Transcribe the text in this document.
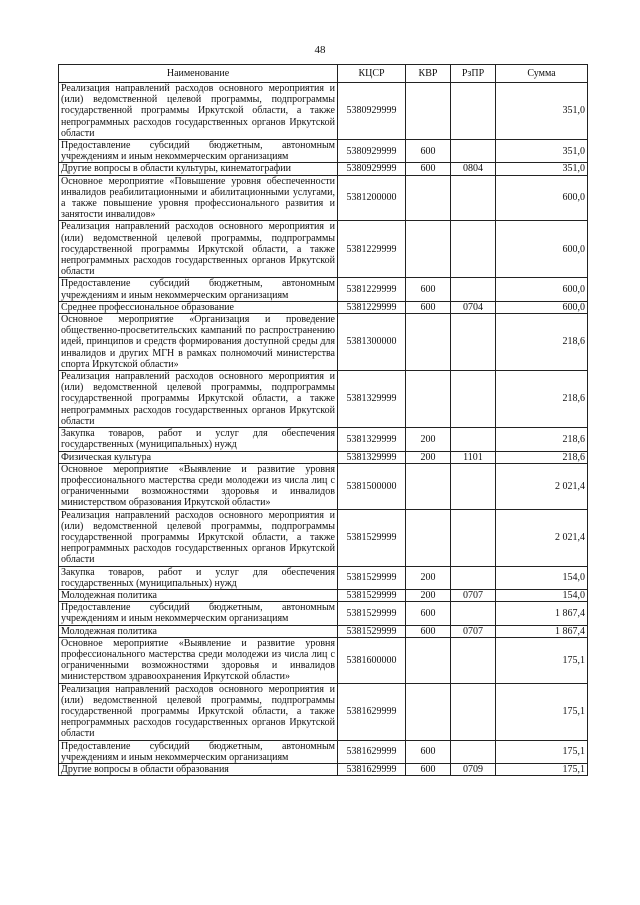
48
Наименование	КЦСР	КВР	РзПР	Сумма
Реализация направлений расходов основного мероприятия и (или) ведомственной целевой программы, подпрограммы государственной программы Иркутской области, а также непрограммных расходов государственных органов Иркутской области	5380929999			351,0
Предоставление субсидий бюджетным, автономным учреждениям и иным некоммерческим организациям	5380929999	600		351,0
Другие вопросы в области культуры, кинематографии	5380929999	600	0804	351,0
Основное мероприятие «Повышение уровня обеспеченности инвалидов реабилитационными и абилитационными услугами, а также повышение уровня профессионального развития и занятости инвалидов»	5381200000			600,0
Реализация направлений расходов основного мероприятия и (или) ведомственной целевой программы, подпрограммы государственной программы Иркутской области, а также непрограммных расходов государственных органов Иркутской области	5381229999			600,0
Предоставление субсидий бюджетным, автономным учреждениям и иным некоммерческим организациям	5381229999	600		600,0
Среднее профессиональное образование	5381229999	600	0704	600,0
Основное мероприятие «Организация и проведение общественно-просветительских кампаний по распространению идей, принципов и средств формирования доступной среды для инвалидов и других МГН в рамках полномочий министерства спорта Иркутской области»	5381300000			218,6
Реализация направлений расходов основного мероприятия и (или) ведомственной целевой программы, подпрограммы государственной программы Иркутской области, а также непрограммных расходов государственных органов Иркутской области	5381329999			218,6
Закупка товаров, работ и услуг для обеспечения государственных (муниципальных) нужд	5381329999	200		218,6
Физическая культура	5381329999	200	1101	218,6
Основное мероприятие «Выявление и развитие уровня профессионального мастерства среди молодежи из числа лиц с ограниченными возможностями здоровья и инвалидов министерством образования Иркутской области»	5381500000			2 021,4
Реализация направлений расходов основного мероприятия и (или) ведомственной целевой программы, подпрограммы государственной программы Иркутской области, а также непрограммных расходов государственных органов Иркутской области	5381529999			2 021,4
Закупка товаров, работ и услуг для обеспечения государственных (муниципальных) нужд	5381529999	200		154,0
Молодежная политика	5381529999	200	0707	154,0
Предоставление субсидий бюджетным, автономным учреждениям и иным некоммерческим организациям	5381529999	600		1 867,4
Молодежная политика	5381529999	600	0707	1 867,4
Основное мероприятие «Выявление и развитие уровня профессионального мастерства среди молодежи из числа лиц с ограниченными возможностями здоровья и инвалидов министерством здравоохранения Иркутской области»	5381600000			175,1
Реализация направлений расходов основного мероприятия и (или) ведомственной целевой программы, подпрограммы государственной программы Иркутской области, а также непрограммных расходов государственных органов Иркутской области	5381629999			175,1
Предоставление субсидий бюджетным, автономным учреждениям и иным некоммерческим организациям	5381629999	600		175,1
Другие вопросы в области образования	5381629999	600	0709	175,1
